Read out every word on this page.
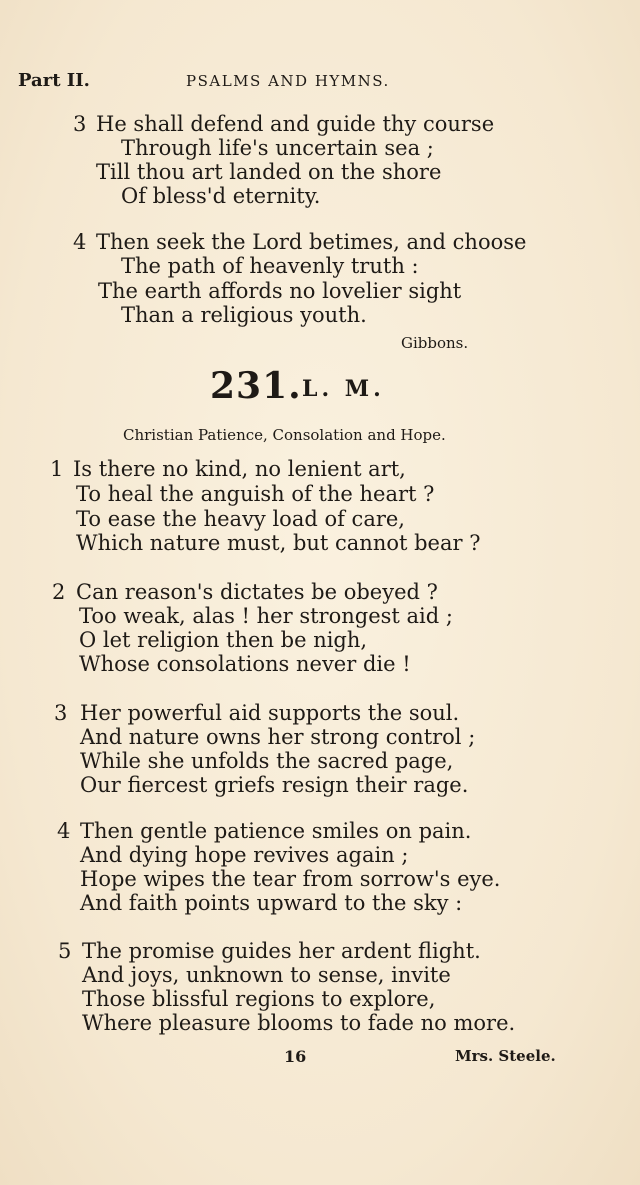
Part II.	PSALMS AND HYMNS.
3 He shall defend and guide thy course
Through life's uncertain sea ;
Till thou art landed on the shore
Of bless'd eternity.
4 Then seek the Lord betimes, and choose
The path of heavenly truth :
The earth affords no lovelier sight
Than a religious youth.
Gibbons.
231. L. M.
Christian Patience, Consolation and Hope.
1 Is there no kind, no lenient art,
To heal the anguish of the heart ?
To ease the heavy load of care,
Which nature must, but cannot bear ?
2 Can reason's dictates be obeyed ?
Too weak, alas ! her strongest aid ;
O let religion then be nigh,
Whose consolations never die !
3 Her powerful aid supports the soul.
And nature owns her strong control ;
While she unfolds the sacred page,
Our fiercest griefs resign their rage.
4 Then gentle patience smiles on pain.
And dying hope revives again ;
Hope wipes the tear from sorrow's eye.
And faith points upward to the sky :
5 The promise guides her ardent flight.
And joys, unknown to sense, invite
Those blissful regions to explore,
Where pleasure blooms to fade no more.
16	Mrs. Steele.
